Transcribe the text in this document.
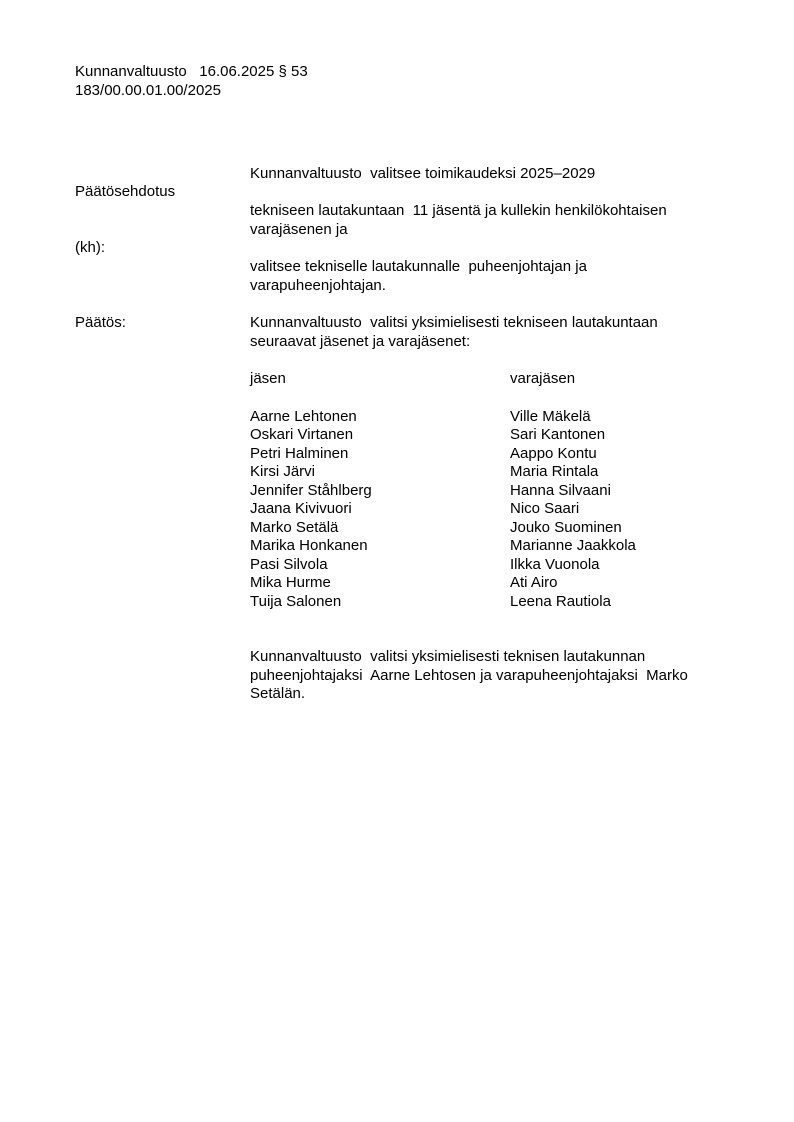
Kunnanvaltuusto   16.06.2025 § 53
183/00.00.01.00/2025

Päätösehdotus

(kh):

Kunnanvaltuusto  valitsee toimikaudeksi 2025–2029
tekniseen lautakuntaan  11 jäsentä ja kullekin henkilökohtaisen varajäsenen ja
valitsee tekniselle lautakunnalle  puheenjohtajan ja varapuheenjohtajan.
Päätös:	Kunnanvaltuusto  valitsi yksimielisesti tekniseen lautakuntaan seuraavat jäsenet ja varajäsenet:
jäsen	varajäsen
Aarne Lehtonen	Ville Mäkelä
Oskari Virtanen	Sari Kantonen
Petri Halminen	Aappo Kontu
Kirsi Järvi	Maria Rintala
Jennifer Ståhlberg	Hanna Silvaani
Jaana Kivivuori	Nico Saari
Marko Setälä	Jouko Suominen
Marika Honkanen	Marianne Jaakkola
Pasi Silvola	Ilkka Vuonola
Mika Hurme	Ati Airo
Tuija Salonen	Leena Rautiola
Kunnanvaltuusto  valitsi yksimielisesti teknisen lautakunnan puheenjohtajaksi  Aarne Lehtosen ja varapuheenjohtajaksi  Marko Setälän.
